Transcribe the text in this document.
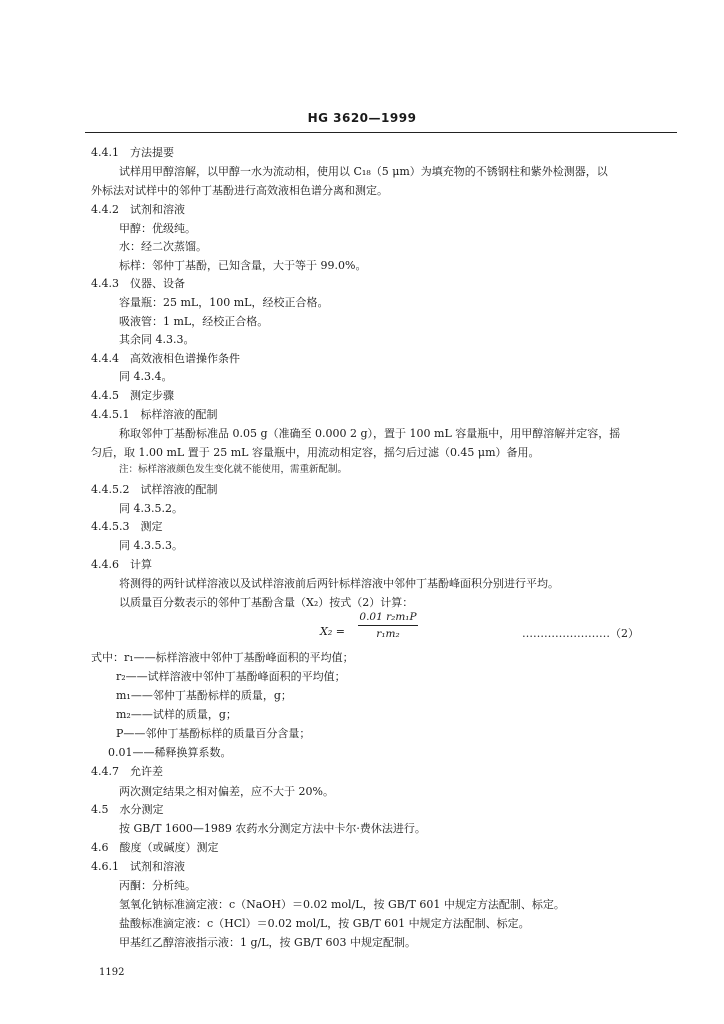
HG 3620—1999
4.4.1　方法提要
试样用甲醇溶解，以甲醇一水为流动相，使用以 C₁₈（5 μm）为填充物的不锈钢柱和紫外检测器，以
外标法对试样中的邻仲丁基酚进行高效液相色谱分离和测定。
4.4.2　试剂和溶液
甲醇：优级纯。
水：经二次蒸馏。
标样：邻仲丁基酚，已知含量，大于等于 99.0%。
4.4.3　仪器、设备
容量瓶：25 mL，100 mL，经校正合格。
吸液管：1 mL，经校正合格。
其余同 4.3.3。
4.4.4　高效液相色谱操作条件
同 4.3.4。
4.4.5　测定步骤
4.4.5.1　标样溶液的配制
称取邻仲丁基酚标准品 0.05 g（准确至 0.000 2 g），置于 100 mL 容量瓶中，用甲醇溶解并定容，摇
匀后，取 1.00 mL 置于 25 mL 容量瓶中，用流动相定容，摇匀后过滤（0.45 μm）备用。
注：标样溶液颜色发生变化就不能使用，需重新配制。
4.4.5.2　试样溶液的配制
同 4.3.5.2。
4.4.5.3　测定
同 4.3.5.3。
4.4.6　计算
将测得的两针试样溶液以及试样溶液前后两针标样溶液中邻仲丁基酚峰面积分别进行平均。
以质量百分数表示的邻仲丁基酚含量（X₂）按式（2）计算：
X₂ =
0.01 r₂m₁P
r₁m₂	……………………（2）
式中：r₁——标样溶液中邻仲丁基酚峰面积的平均值；
r₂——试样溶液中邻仲丁基酚峰面积的平均值；
m₁——邻仲丁基酚标样的质量，g；
m₂——试样的质量，g；
P——邻仲丁基酚标样的质量百分含量；
0.01——稀释换算系数。
4.4.7　允许差
两次测定结果之相对偏差，应不大于 20%。
4.5　水分测定
按 GB/T 1600—1989 农药水分测定方法中卡尔·费休法进行。
4.6　酸度（或碱度）测定
4.6.1　试剂和溶液
丙酮：分析纯。
氢氧化钠标准滴定液：c（NaOH）＝0.02 mol/L，按 GB/T 601 中规定方法配制、标定。
盐酸标准滴定液：c（HCl）＝0.02 mol/L，按 GB/T 601 中规定方法配制、标定。
甲基红乙醇溶液指示液：1 g/L，按 GB/T 603 中规定配制。
1192
